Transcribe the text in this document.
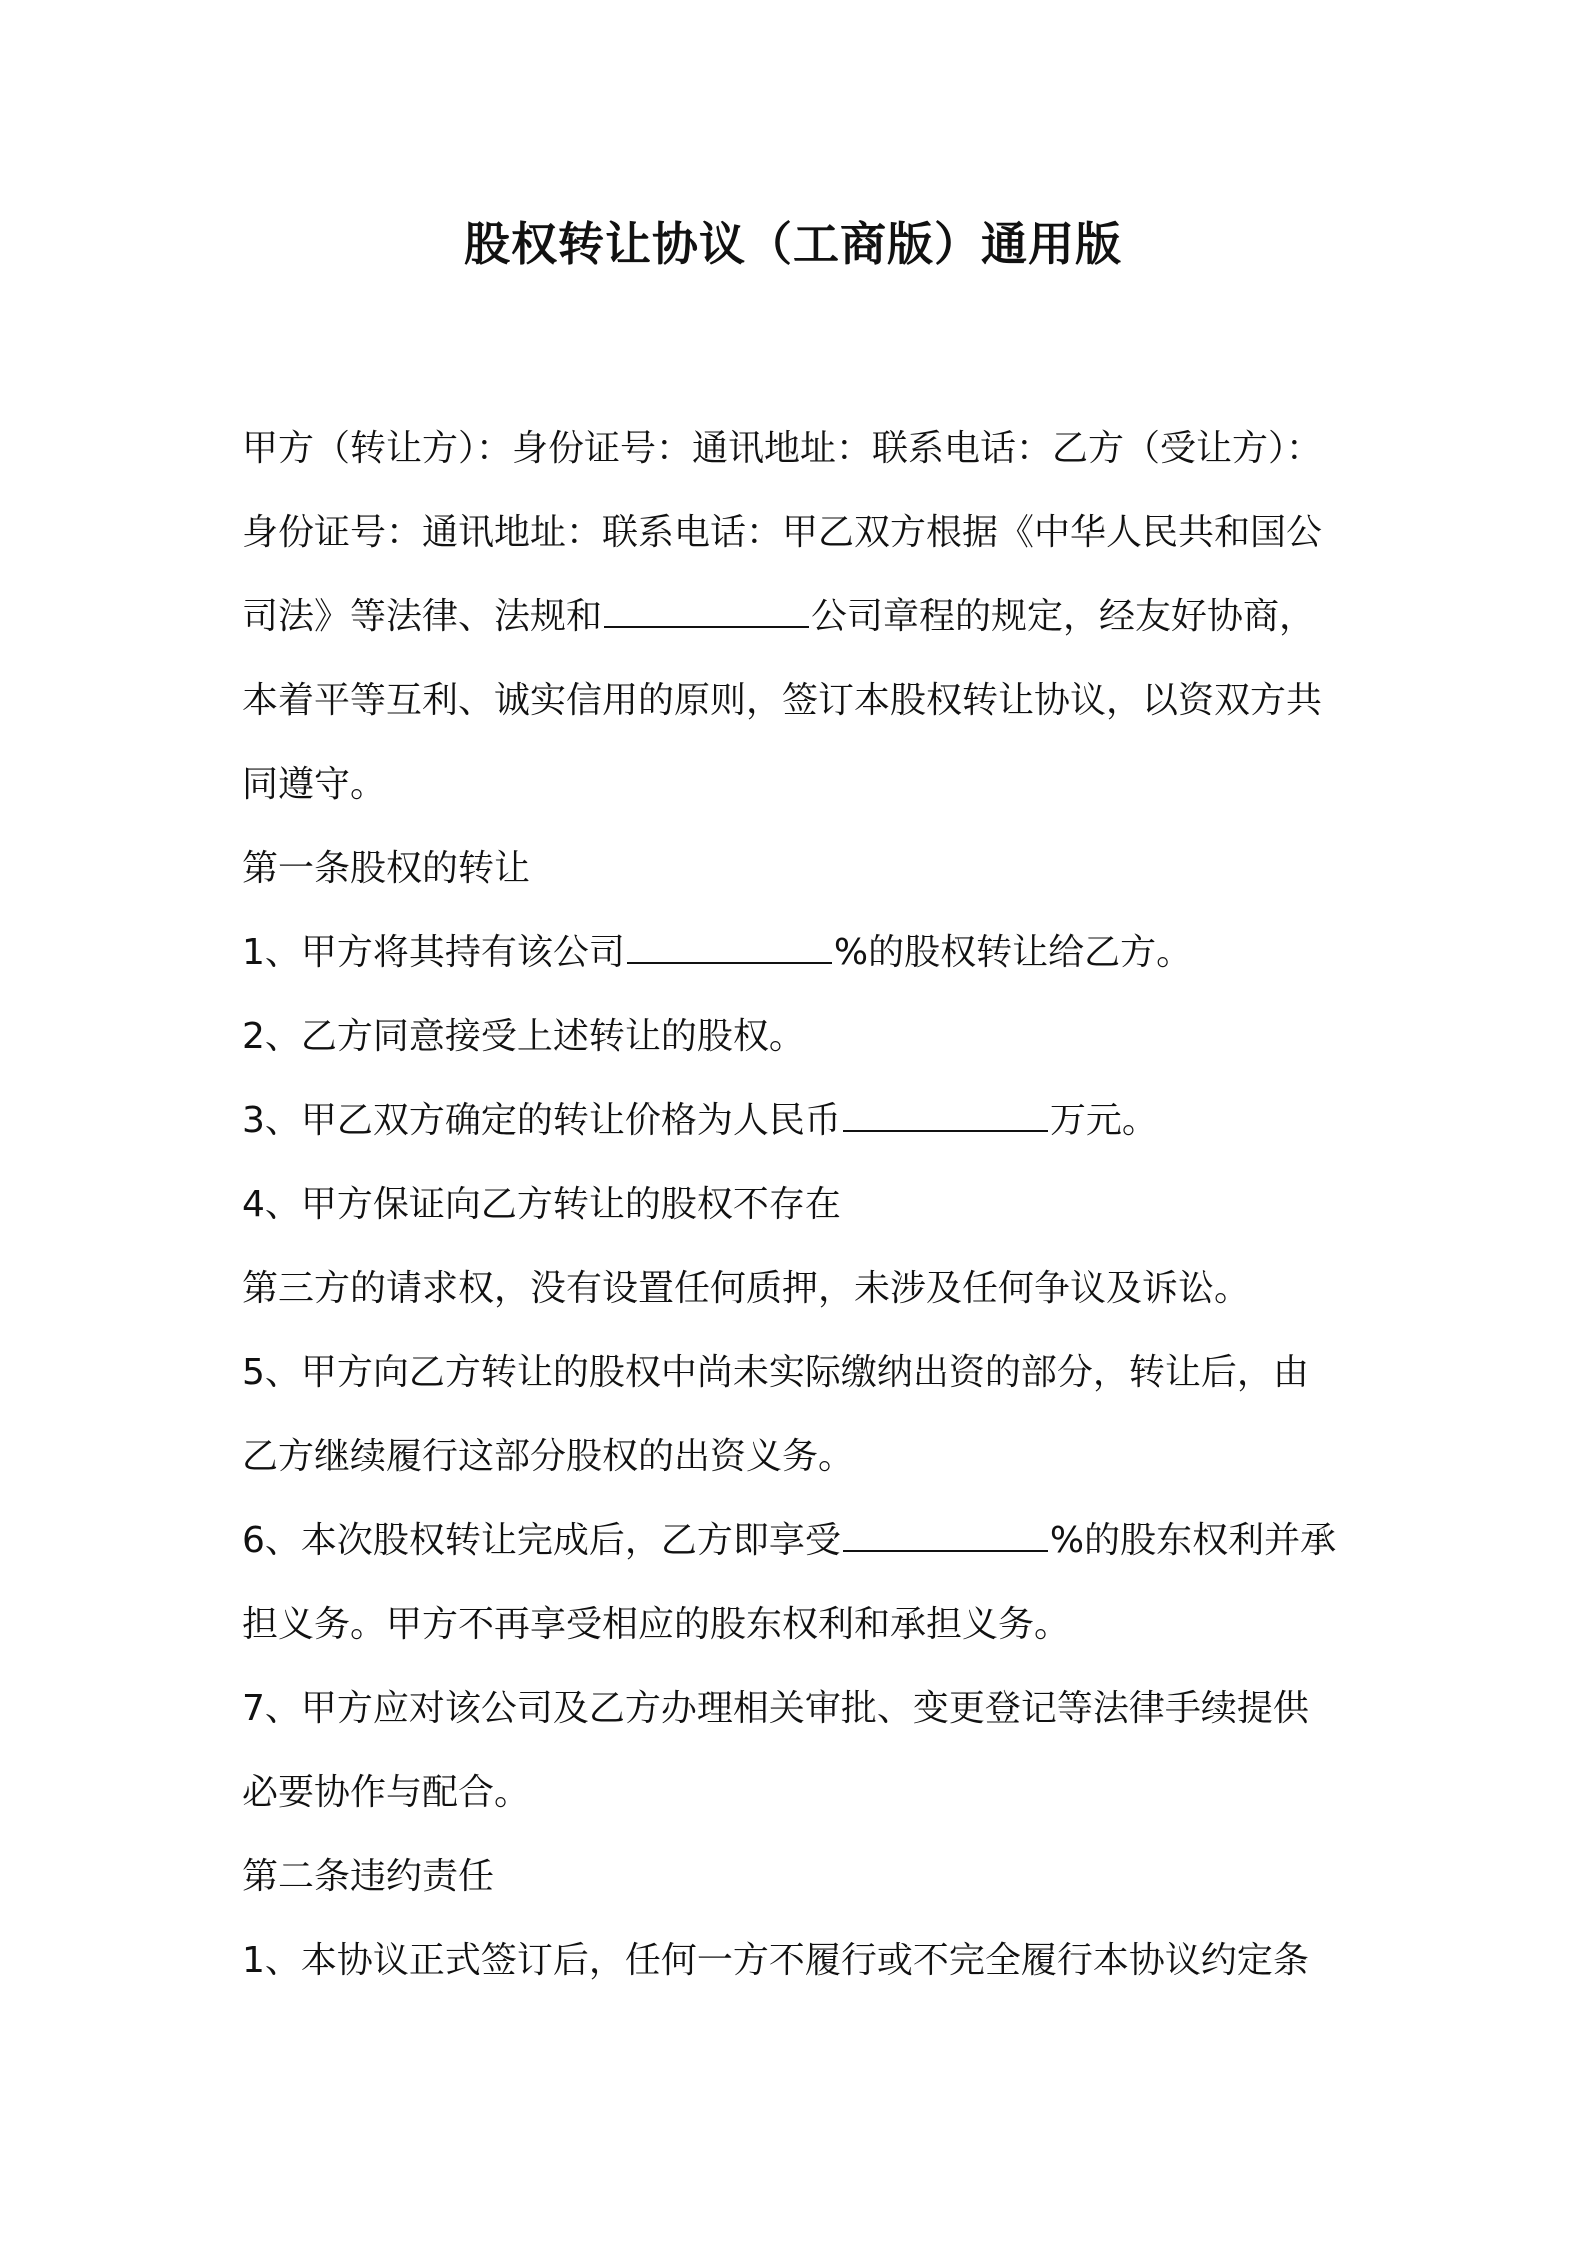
股权转让协议（工商版）通用版
甲方（转让方）：身份证号：通讯地址：联系电话：乙方（受让方）：
身份证号：通讯地址：联系电话：甲乙双方根据《中华人民共和国公
司法》等法律、法规和	公司章程的规定，经友好协商，
本着平等互利、诚实信用的原则，签订本股权转让协议，以资双方共
同遵守。
第一条股权的转让
1、甲方将其持有该公司	%的股权转让给乙方。
2、乙方同意接受上述转让的股权。
3、甲乙双方确定的转让价格为人民币	万元。
4、甲方保证向乙方转让的股权不存在
第三方的请求权，没有设置任何质押，未涉及任何争议及诉讼。
5、甲方向乙方转让的股权中尚未实际缴纳出资的部分，转让后，由
乙方继续履行这部分股权的出资义务。
6、本次股权转让完成后，乙方即享受	%的股东权利并承
担义务。甲方不再享受相应的股东权利和承担义务。
7、甲方应对该公司及乙方办理相关审批、变更登记等法律手续提供
必要协作与配合。
第二条违约责任
1、本协议正式签订后，任何一方不履行或不完全履行本协议约定条
